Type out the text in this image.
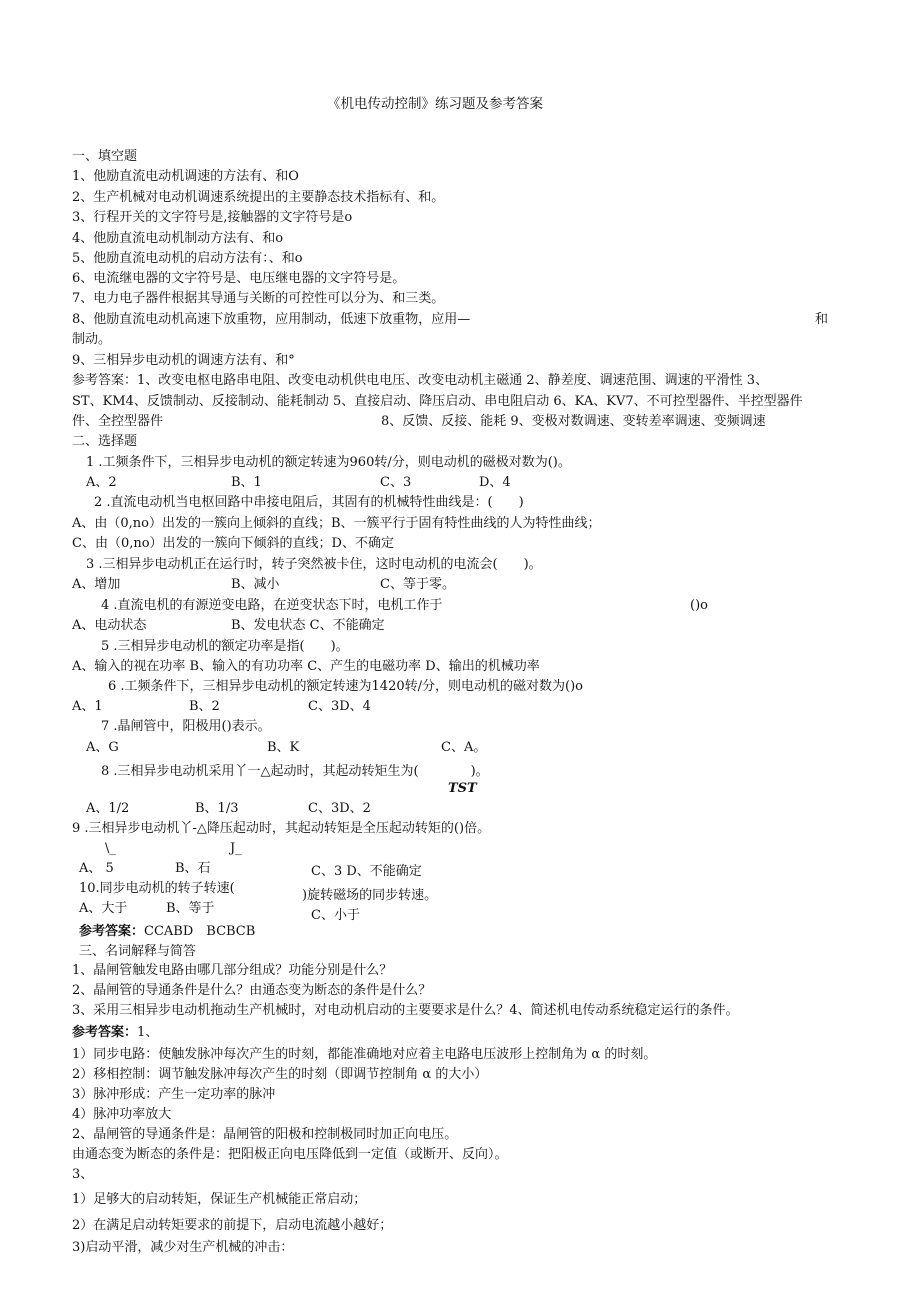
《机电传动控制》练习题及参考答案
一、填空题
1、他励直流电动机调速的方法有、和O
2、生产机械对电动机调速系统提出的主要静态技术指标有、和。
3、行程开关的文字符号是,接触器的文字符号是o
4、他励直流电动机制动方法有、和o
5、他励直流电动机的启动方法有：、和o
6、电流继电器的文字符号是、电压继电器的文字符号是。
7、电力电子器件根据其导通与关断的可控性可以分为、和三类。
8、他励直流电动机高速下放重物，应用制动，低速下放重物，应用—	和
制动。
9、三相异步电动机的调速方法有、和°
参考答案：1、改变电枢电路串电阻、改变电动机供电电压、改变电动机主磁通 2、静差度、调速范围、调速的平滑性 3、
ST、KM4、反馈制动、反接制动、能耗制动 5、直接启动、降压启动、串电阻启动 6、KA、KV7、不可控型器件、半控型器件
件、全控型器件	8、反馈、反接、能耗 9、变极对数调速、变转差率调速、变频调速
二、选择题
1 .工频条件下，三相异步电动机的额定转速为960转/分，则电动机的磁极对数为()。
A、2	B、1	C、3	D、4
2 .直流电动机当电枢回路中串接电阻后，其固有的机械特性曲线是：(　　)
A、由（0,no）出发的一簇向上倾斜的直线；B、一簇平行于固有特性曲线的人为特性曲线；
C、由（0,no）出发的一簇向下倾斜的直线；D、不确定
3 .三相异步电动机正在运行时，转子突然被卡住，这时电动机的电流会(　　)。
A、增加	B、减小	C、等于零。
4 .直流电机的有源逆变电路，在逆变状态下时，电机工作于	()o
A、电动状态	B、发电状态 C、不能确定
5 .三相异步电动机的额定功率是指(　　)。
A、输入的视在功率 B、输入的有功功率 C、产生的电磁功率 D、输出的机械功率
6 .工频条件下，三相异步电动机的额定转速为1420转/分，则电动机的磁对数为()o
A、1	B、2	C、3D、4
7 .晶闸管中，阳极用()表示。
A、G	B、K	C、A。
8 .三相异步电动机采用丫一△起动时，其起动转矩生为(　　　　)。
TST
A、1/2	B、1/3	C、3D、2
9 .三相异步电动机丫-△降压起动时，其起动转矩是全压起动转矩的()倍。
\_	J_
A、 5	B、石	C、3 D、不能确定
10.同步电动机的转子转速(	)旋转磁场的同步转速。
A、大于	B、等于	C、小于
参考答案：CCABD　BCBCB
三、名词解释与简答
1、晶闸管触发电路由哪几部分组成？功能分别是什么？
2、晶闸管的导通条件是什么？由通态变为断态的条件是什么？
3、采用三相异步电动机拖动生产机械时，对电动机启动的主要要求是什么？4、简述机电传动系统稳定运行的条件。
参考答案：1、
1）同步电路：使触发脉冲每次产生的时刻，都能准确地对应着主电路电压波形上控制角为 α 的时刻。
2）移相控制：调节触发脉冲每次产生的时刻（即调节控制角 α 的大小）
3）脉冲形成：产生一定功率的脉冲
4）脉冲功率放大
2、晶闸管的导通条件是：晶闸管的阳极和控制极同时加正向电压。
由通态变为断态的条件是：把阳极正向电压降低到一定值（或断开、反向）。
3、
1）足够大的启动转矩，保证生产机械能正常启动；
2）在满足启动转矩要求的前提下，启动电流越小越好；
3)启动平滑，减少对生产机械的冲击：
